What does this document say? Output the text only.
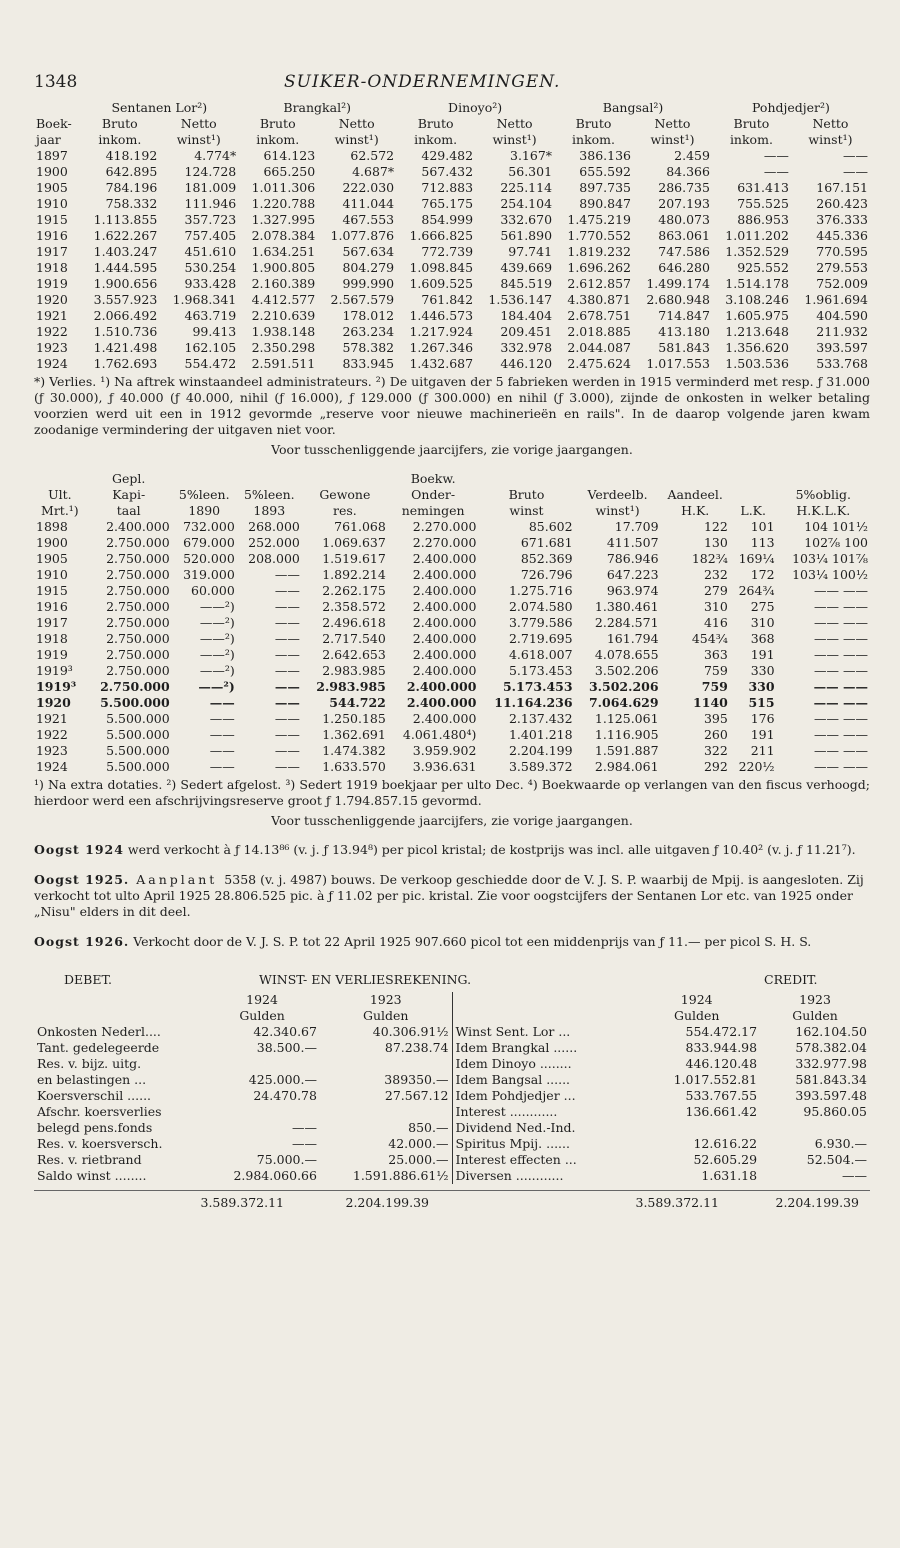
1348	SUIKER-ONDERNEMINGEN.
	Sentanen Lor²)		Brangkal²)		Dinoyo²)		Bangsal²)		Pohdjedjer²)	
Boek-	Bruto	Netto	Bruto	Netto	Bruto	Netto	Bruto	Netto	Bruto	Netto
jaar	inkom.	winst¹)	inkom.	winst¹)	inkom.	winst¹)	inkom.	winst¹)	inkom.	winst¹)
1897	418.192	4.774*	614.123	62.572	429.482	3.167*	386.136	2.459	——	——
1900	642.895	124.728	665.250	4.687*	567.432	56.301	655.592	84.366	——	——
1905	784.196	181.009	1.011.306	222.030	712.883	225.114	897.735	286.735	631.413	167.151
1910	758.332	111.946	1.220.788	411.044	765.175	254.104	890.847	207.193	755.525	260.423
1915	1.113.855	357.723	1.327.995	467.553	854.999	332.670	1.475.219	480.073	886.953	376.333
1916	1.622.267	757.405	2.078.384	1.077.876	1.666.825	561.890	1.770.552	863.061	1.011.202	445.336
1917	1.403.247	451.610	1.634.251	567.634	772.739	97.741	1.819.232	747.586	1.352.529	770.595
1918	1.444.595	530.254	1.900.805	804.279	1.098.845	439.669	1.696.262	646.280	925.552	279.553
1919	1.900.656	933.428	2.160.389	999.990	1.609.525	845.519	2.612.857	1.499.174	1.514.178	752.009
1920	3.557.923	1.968.341	4.412.577	2.567.579	761.842	1.536.147	4.380.871	2.680.948	3.108.246	1.961.694
1921	2.066.492	463.719	2.210.639	178.012	1.446.573	184.404	2.678.751	714.847	1.605.975	404.590
1922	1.510.736	99.413	1.938.148	263.234	1.217.924	209.451	2.018.885	413.180	1.213.648	211.932
1923	1.421.498	162.105	2.350.298	578.382	1.267.346	332.978	2.044.087	581.843	1.356.620	393.597
1924	1.762.693	554.472	2.591.511	833.945	1.432.687	446.120	2.475.624	1.017.553	1.503.536	533.768

*) Verlies. ¹) Na aftrek winstaandeel administrateurs. ²) De uitgaven der 5 fabrieken werden in 1915 verminderd met resp. ƒ 31.000 (ƒ 30.000), ƒ 40.000 (ƒ 40.000, nihil (ƒ 16.000), ƒ 129.000 (ƒ 300.000) en nihil (ƒ 3.000), zijnde de onkosten in welker betaling voorzien werd uit een in 1912 gevormde „reserve voor nieuwe machinerieën en rails". In de daarop volgende jaren kwam zoodanige vermindering der uitgaven niet voor.

Voor tusschenliggende jaarcijfers, zie vorige jaargangen.

	Gepl.				Boekw.					
Ult.	Kapi-	5%leen.	5%leen.	Gewone	Onder-	Bruto	Verdeelb.	Aandeel.		5%oblig.
Mrt.¹)	taal	1890	1893	res.	nemingen	winst	winst¹)	H.K.	L.K.	H.K.L.K.
1898	2.400.000	732.000	268.000	761.068	2.270.000	85.602	17.709	122	101	104 101½
1900	2.750.000	679.000	252.000	1.069.637	2.270.000	671.681	411.507	130	113	102⅞ 100
1905	2.750.000	520.000	208.000	1.519.617	2.400.000	852.369	786.946	182¾	169¼	103¼ 101⅞
1910	2.750.000	319.000	——	1.892.214	2.400.000	726.796	647.223	232	172	103¼ 100½
1915	2.750.000	60.000	——	2.262.175	2.400.000	1.275.716	963.974	279	264¾	—— ——
1916	2.750.000	——²)	——	2.358.572	2.400.000	2.074.580	1.380.461	310	275	—— ——
1917	2.750.000	——²)	——	2.496.618	2.400.000	3.779.586	2.284.571	416	310	—— ——
1918	2.750.000	——²)	——	2.717.540	2.400.000	2.719.695	161.794	454¾	368	—— ——
1919	2.750.000	——²)	——	2.642.653	2.400.000	4.618.007	4.078.655	363	191	—— ——
1919³	2.750.000	——²)	——	2.983.985	2.400.000	5.173.453	3.502.206	759	330	—— ——
1919³	2.750.000	——²)	——	2.983.985	2.400.000	5.173.453	3.502.206	759	330	—— ——
1920	5.500.000	——	——	544.722	2.400.000	11.164.236	7.064.629	1140	515	—— ——
1921	5.500.000	——	——	1.250.185	2.400.000	2.137.432	1.125.061	395	176	—— ——
1922	5.500.000	——	——	1.362.691	4.061.480⁴)	1.401.218	1.116.905	260	191	—— ——
1923	5.500.000	——	——	1.474.382	3.959.902	2.204.199	1.591.887	322	211	—— ——
1924	5.500.000	——	——	1.633.570	3.936.631	3.589.372	2.984.061	292	220½	—— ——

¹) Na extra dotaties. ²) Sedert afgelost. ³) Sedert 1919 boekjaar per ulto Dec. ⁴) Boekwaarde op verlangen van den fiscus verhoogd; hierdoor werd een afschrijvingsreserve groot ƒ 1.794.857.15 gevormd.

Voor tusschenliggende jaarcijfers, zie vorige jaargangen.

Oogst 1924 werd verkocht à ƒ 14.13⁸⁶ (v. j. ƒ 13.94⁸) per picol kristal; de kostprijs was incl. alle uitgaven ƒ 10.40² (v. j. ƒ 11.21⁷).

Oogst 1925. Aanplant 5358 (v. j. 4987) bouws. De verkoop geschiedde door de V. J. S. P. waarbij de Mpij. is aangesloten. Zij verkocht tot ulto April 1925 28.806.525 pic. à ƒ 11.02 per pic. kristal. Zie voor oogstcijfers der Sentanen Lor etc. van 1925 onder „Nisu" elders in dit deel.

Oogst 1926. Verkocht door de V. J. S. P. tot 22 April 1925 907.660 picol tot een middenprijs van ƒ 11.— per picol S. H. S.

DEBET.	WINST- EN VERLIESREKENING.	CREDIT.
	1924	1923
	Gulden	Gulden
Onkosten Nederl....	42.340.67	40.306.91½
Tant. gedelegeerde	38.500.—	87.238.74
Res. v. bijz. uitg.		
en belastingen ...	425.000.—	389350.—
Koersverschil ......	24.470.78	27.567.12
Afschr. koersverlies		
belegd pens.fonds	——	850.—
Res. v. koersversch.	——	42.000.—
Res. v. rietbrand	75.000.—	25.000.—
Saldo winst ........	2.984.060.66	1.591.886.61½
	1924	1923
	Gulden	Gulden
Winst Sent. Lor ...	554.472.17	162.104.50
Idem Brangkal ......	833.944.98	578.382.04
Idem Dinoyo ........	446.120.48	332.977.98
Idem Bangsal ......	1.017.552.81	581.843.34
Idem Pohdjedjer ...	533.767.55	393.597.48
Interest ............	136.661.42	95.860.05
Dividend Ned.-Ind.		
Spiritus Mpij. ......	12.616.22	6.930.—
Interest effecten ...	52.605.29	52.504.—
Diversen ............	1.631.18	——
3.589.372.11	2.204.199.39	3.589.372.11	2.204.199.39
